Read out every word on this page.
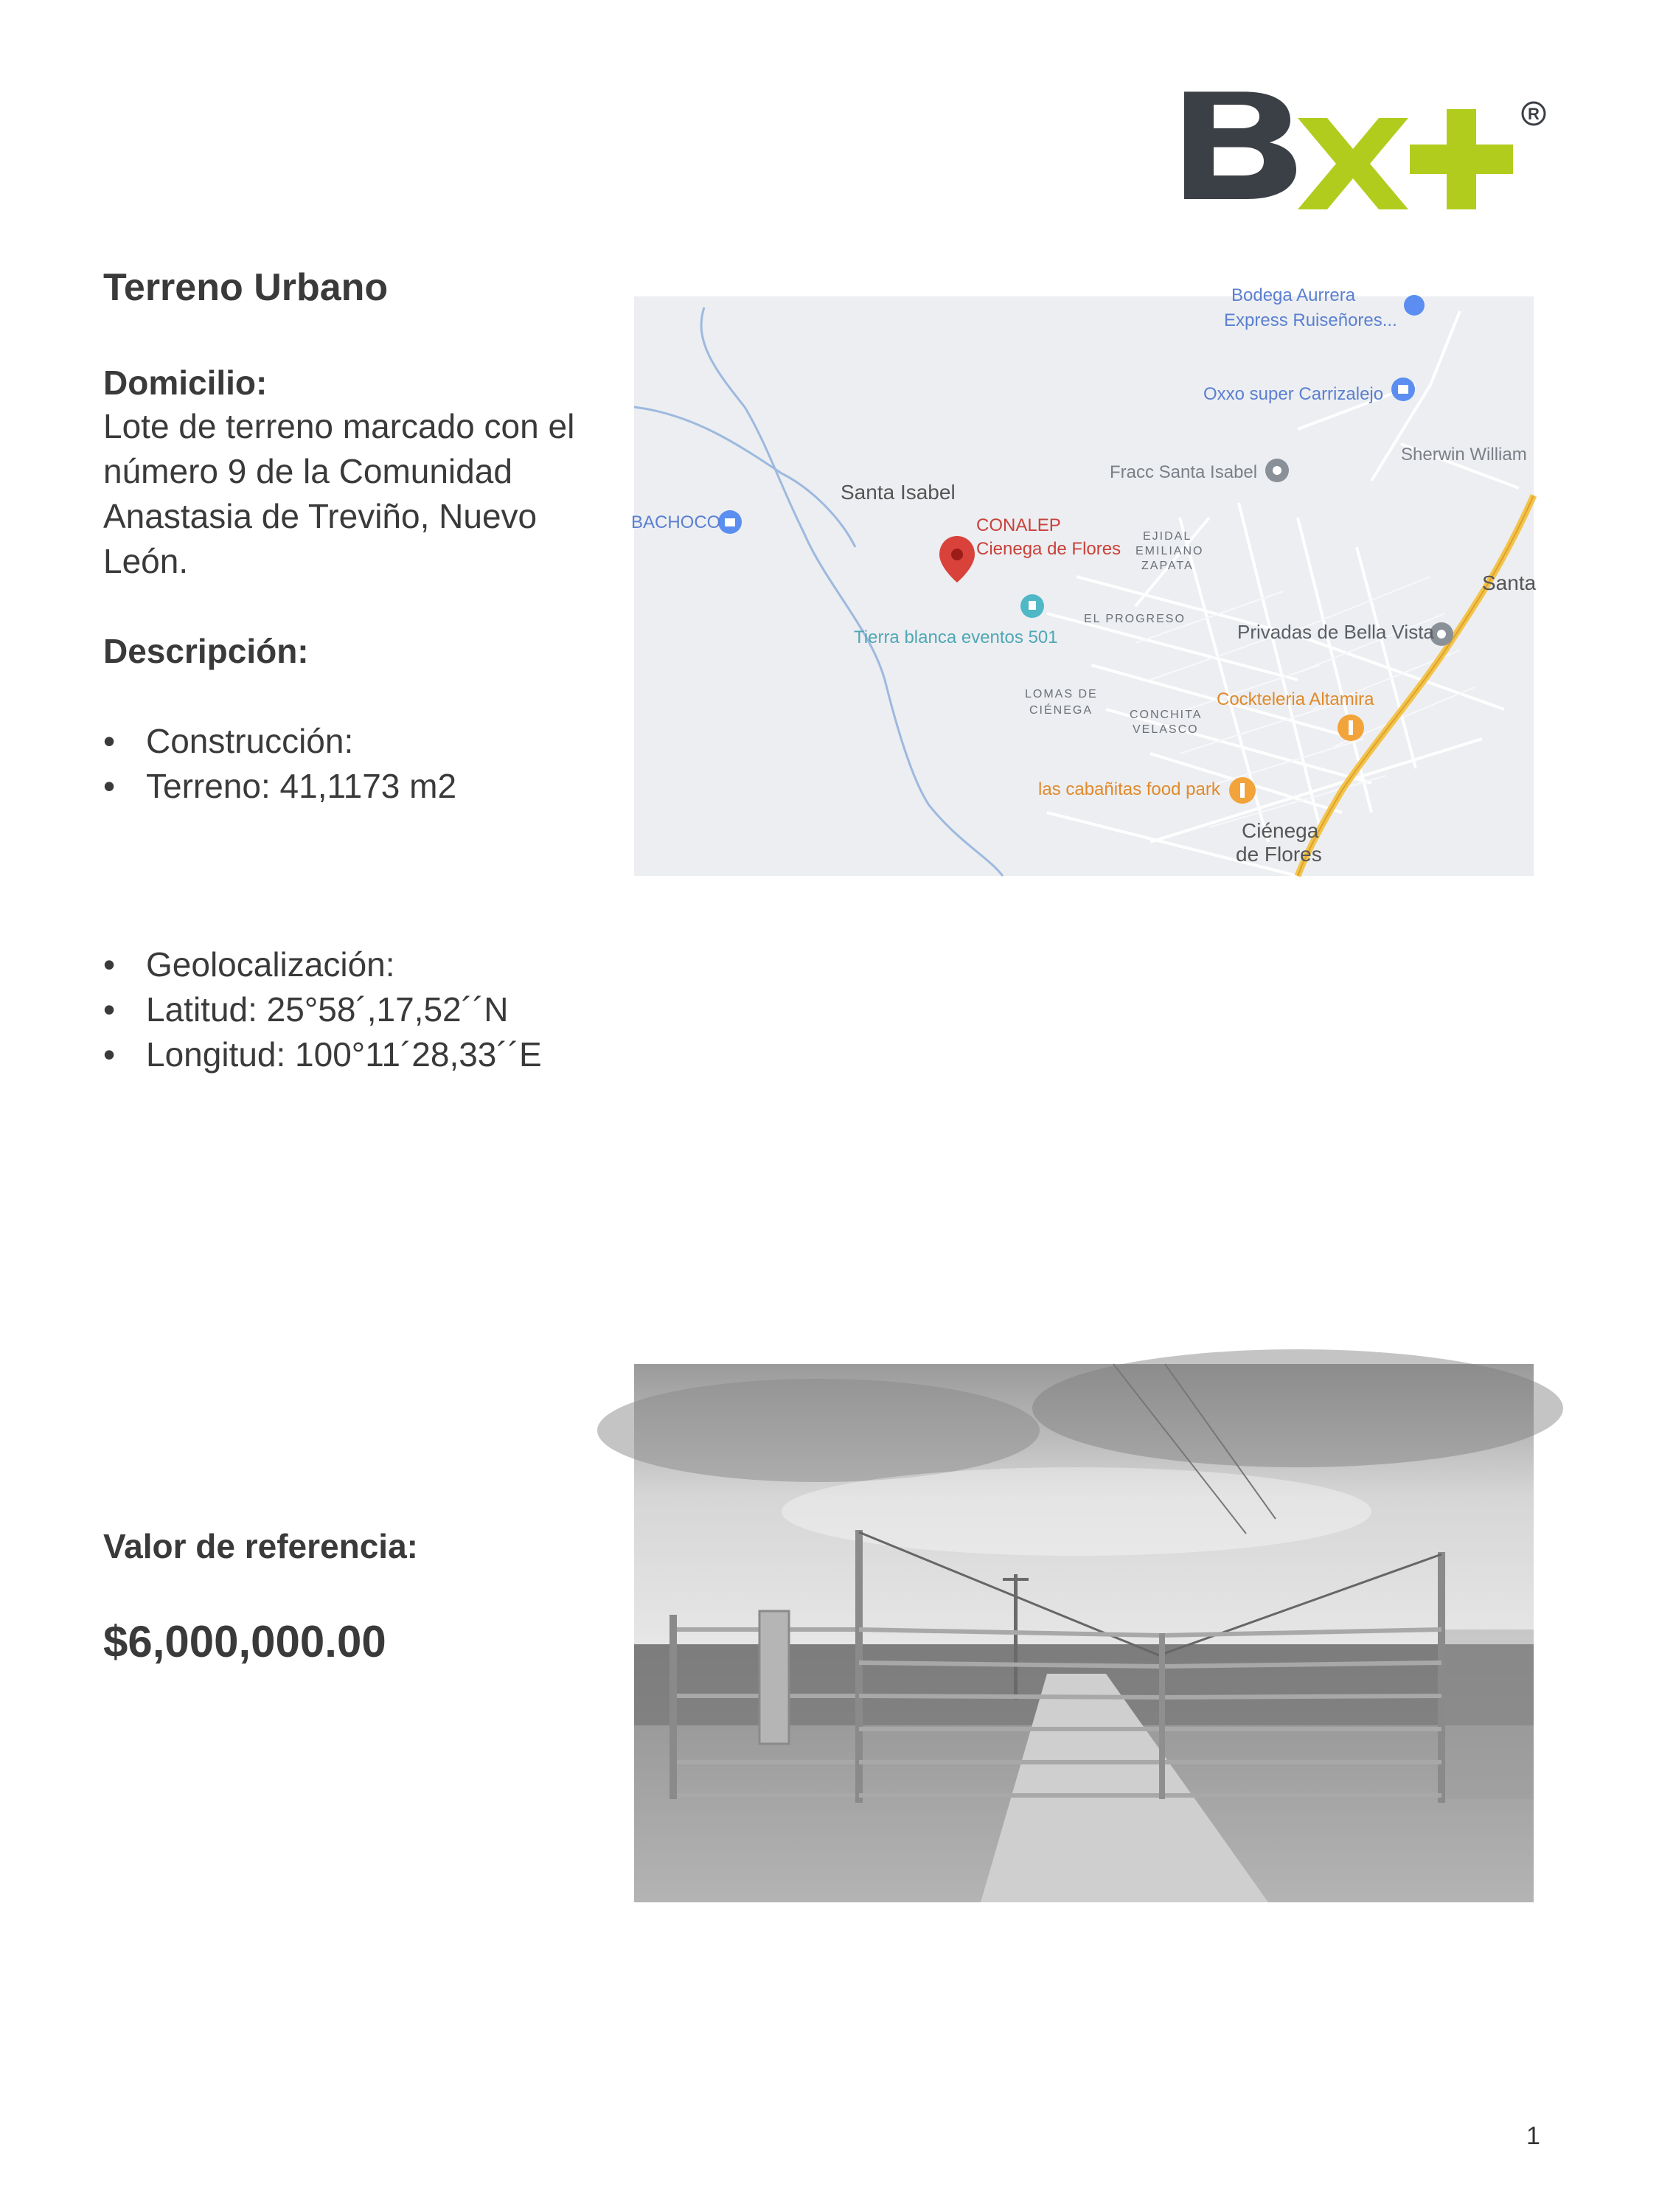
R
Terreno Urbano
Domicilio:
Lote de terreno marcado con el número 9 de la Comunidad Anastasia de Treviño, Nuevo León.
Descripción:
• Construcción:
• Terreno: 41,1173 m2
• Geolocalización:
• Latitud: 25°58´,17,52´´N
• Longitud: 100°11´28,33´´E
Valor de referencia:
$6,000,000.00
Bodega Aurrera
Express Ruiseñores...
Oxxo super Carrizalejo
Sherwin William
Fracc Santa Isabel
Santa Isabel
BACHOCO	CONALEP
Cienega de Flores
EJIDAL
EMILIANO
ZAPATA
Santa
EL PROGRESO
Tierra blanca eventos 501	Privadas de Bella Vista
LOMAS DE
CIÉNEGA	CONCHITA
VELASCO
Cockteleria Altamira
las cabañitas food park
Ciénega
de Flores
1
